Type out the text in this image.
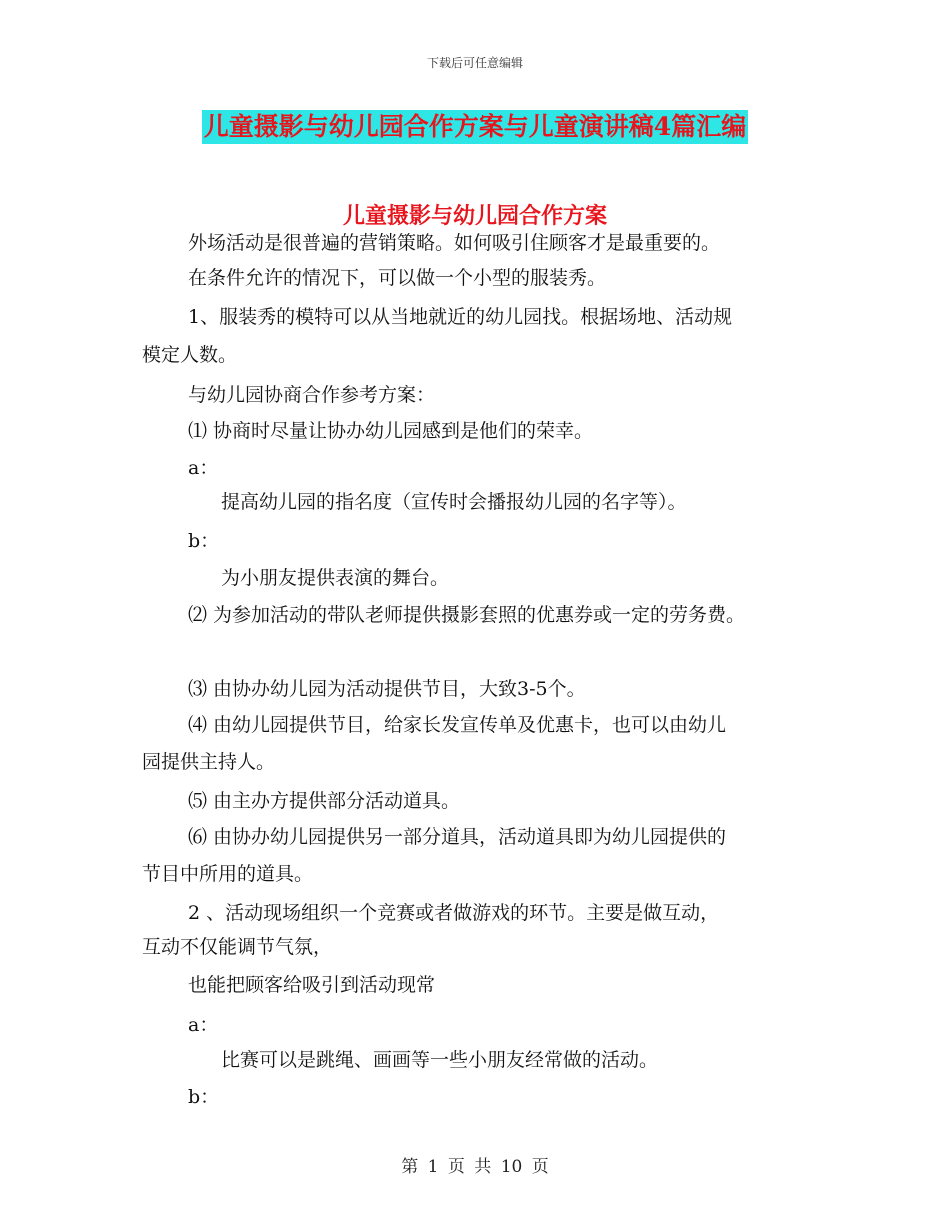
下载后可任意编辑
儿童摄影与幼儿园合作方案与儿童演讲稿4篇汇编
儿童摄影与幼儿园合作方案
外场活动是很普遍的营销策略。如何吸引住顾客才是最重要的。
在条件允许的情况下，可以做一个小型的服装秀。
1、服装秀的模特可以从当地就近的幼儿园找。根据场地、活动规
模定人数。
与幼儿园协商合作参考方案：
⑴ 协商时尽量让协办幼儿园感到是他们的荣幸。
a：
提高幼儿园的指名度（宣传时会播报幼儿园的名字等）。
b：
为小朋友提供表演的舞台。
⑵ 为参加活动的带队老师提供摄影套照的优惠券或一定的劳务费。
⑶ 由协办幼儿园为活动提供节目，大致3-5个。
⑷ 由幼儿园提供节目，给家长发宣传单及优惠卡，也可以由幼儿
园提供主持人。
⑸ 由主办方提供部分活动道具。
⑹ 由协办幼儿园提供另一部分道具，活动道具即为幼儿园提供的
节目中所用的道具。
2 、活动现场组织一个竞赛或者做游戏的环节。主要是做互动，
互动不仅能调节气氛，
也能把顾客给吸引到活动现常
a：
比赛可以是跳绳、画画等一些小朋友经常做的活动。
b：
第 1 页 共 10 页
